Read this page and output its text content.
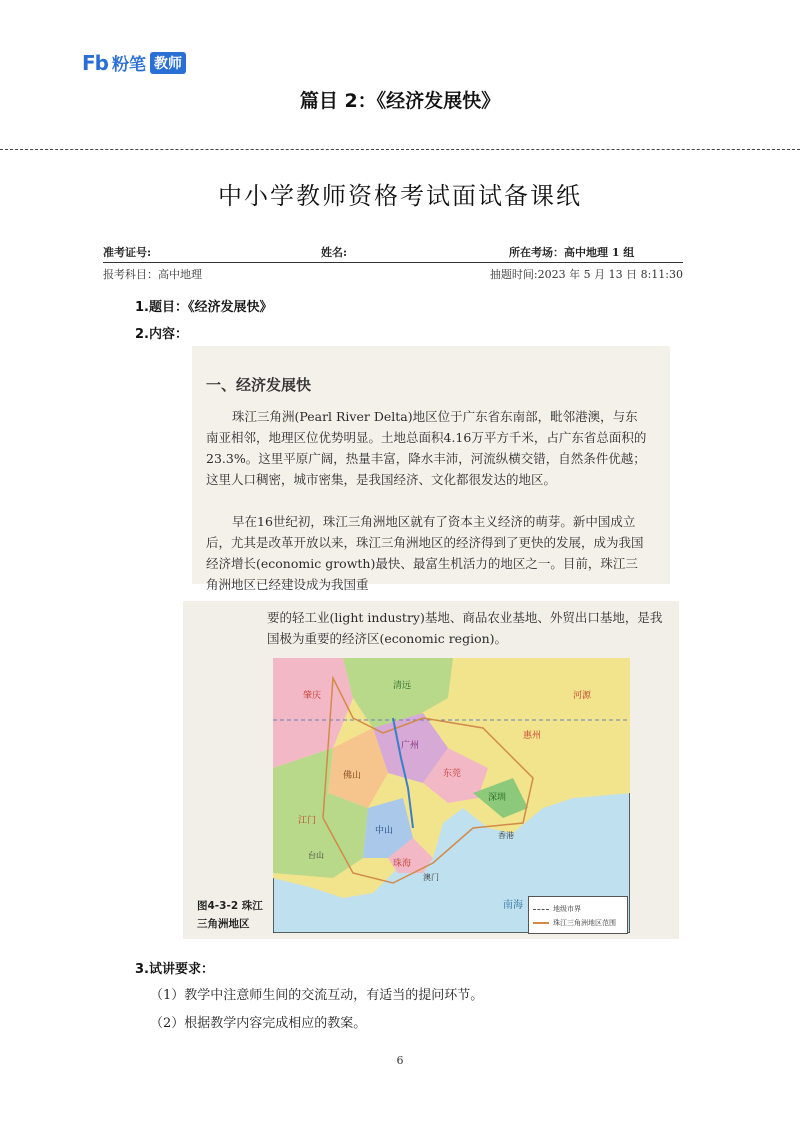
Fb 粉笔 教师
篇目 2：《经济发展快》
中小学教师资格考试面试备课纸
准考证号:	姓名:	所在考场：高中地理 1 组
报考科目：高中地理	抽题时间:2023 年 5 月 13 日 8:11:30
1.题目：《经济发展快》
2.内容：
一、经济发展快

珠江三角洲(Pearl River Delta)地区位于广东省东南部，毗邻港澳，与东南亚相邻，地理区位优势明显。土地总面积4.16万平方千米，占广东省总面积的23.3%。这里平原广阔，热量丰富，降水丰沛，河流纵横交错，自然条件优越；这里人口稠密，城市密集，是我国经济、文化都很发达的地区。

早在16世纪初，珠江三角洲地区就有了资本主义经济的萌芽。新中国成立后，尤其是改革开放以来，珠江三角洲地区的经济得到了更快的发展，成为我国经济增长(economic growth)最快、最富生机活力的地区之一。目前，珠江三角洲地区已经建设成为我国重

要的轻工业(light industry)基地、商品农业基地、外贸出口基地，是我国极为重要的经济区(economic region)。

肇庆
广州
佛山	东莞
惠州
深圳
香港
澳门
珠海
中山
江门
河源
清远
南海
台山
图4-3-2 珠江
三角洲地区
地级市界
珠江三角洲地区范围
3.试讲要求：
（1）教学中注意师生间的交流互动，有适当的提问环节。
（2）根据教学内容完成相应的教案。
6
